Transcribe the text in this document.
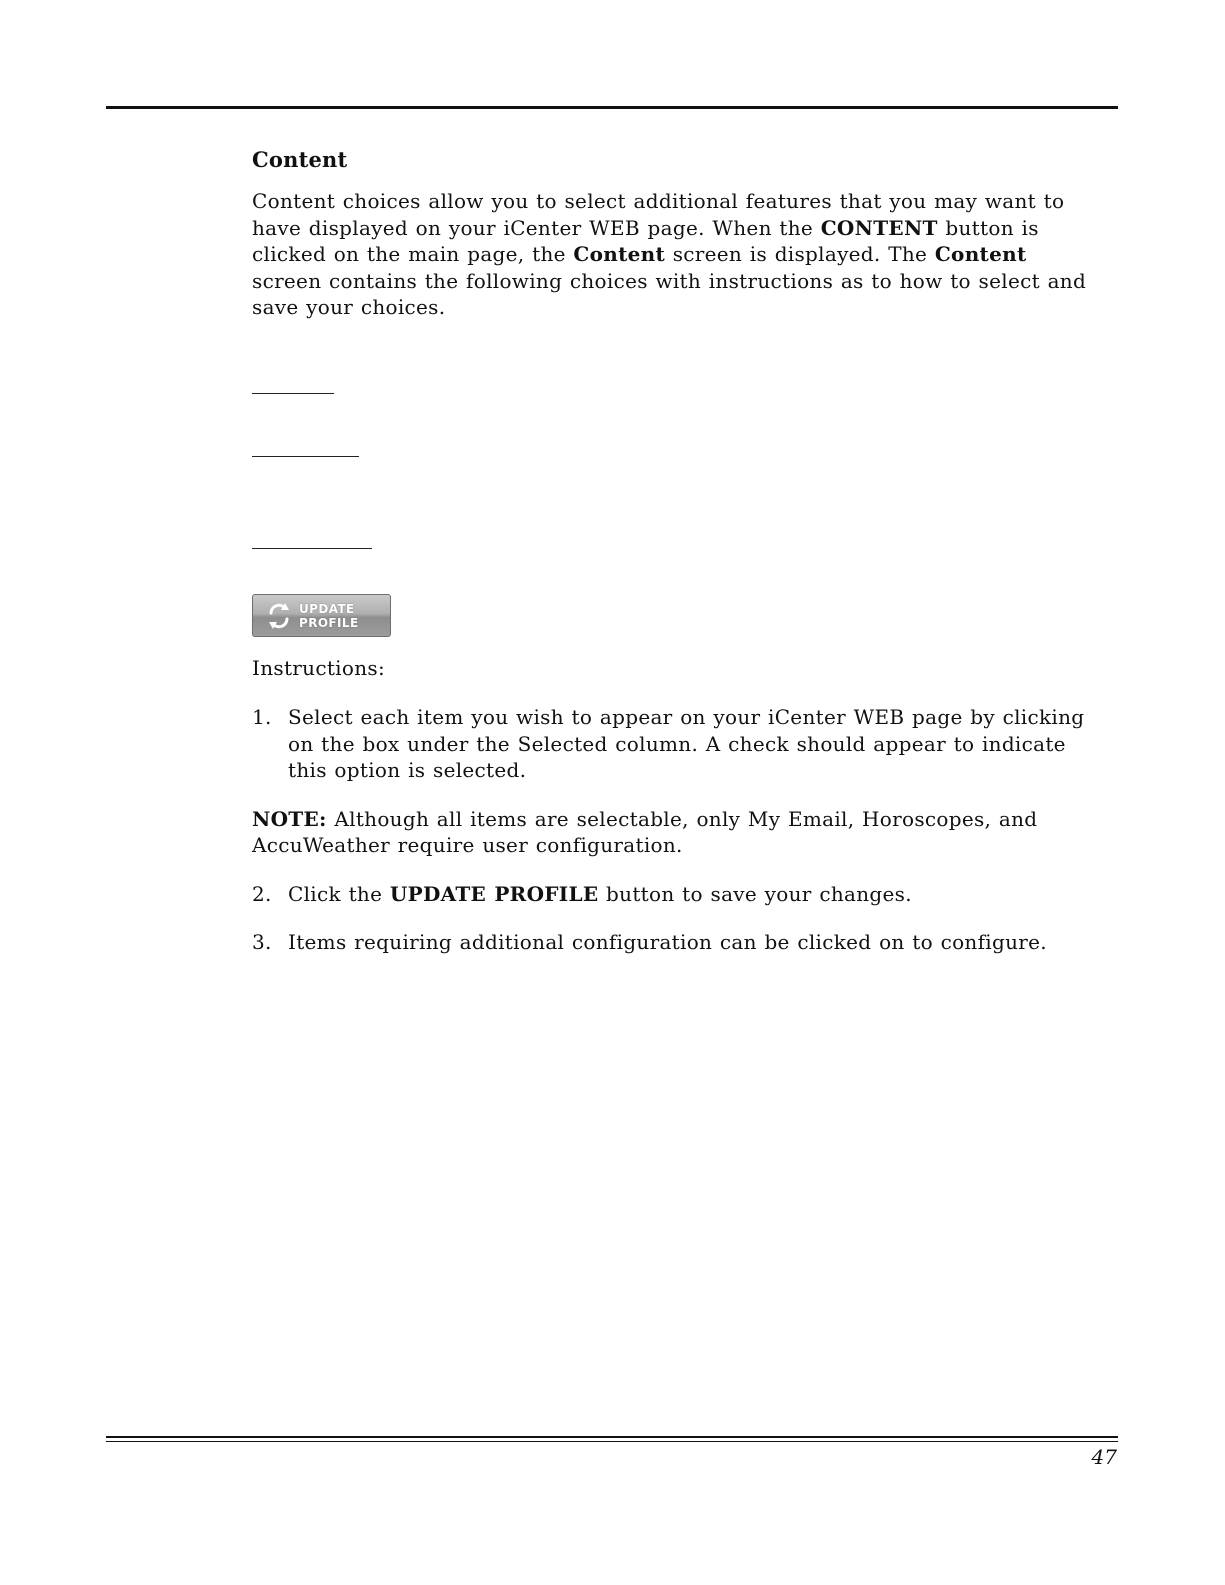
Content

Content choices allow you to select additional features that you may want to have displayed on your iCenter WEB page. When the CONTENT button is clicked on the main page, the Content screen is displayed. The Content screen contains the following choices with instructions as to how to select and save your choices.

UPDATE
PROFILE
Instructions:
1. Select each item you wish to appear on your iCenter WEB page by clicking on the box under the Selected column. A check should appear to indicate this option is selected.
NOTE: Although all items are selectable, only My Email, Horoscopes, and AccuWeather require user configuration.
2. Click the UPDATE PROFILE button to save your changes.
3. Items requiring additional configuration can be clicked on to configure.
47
